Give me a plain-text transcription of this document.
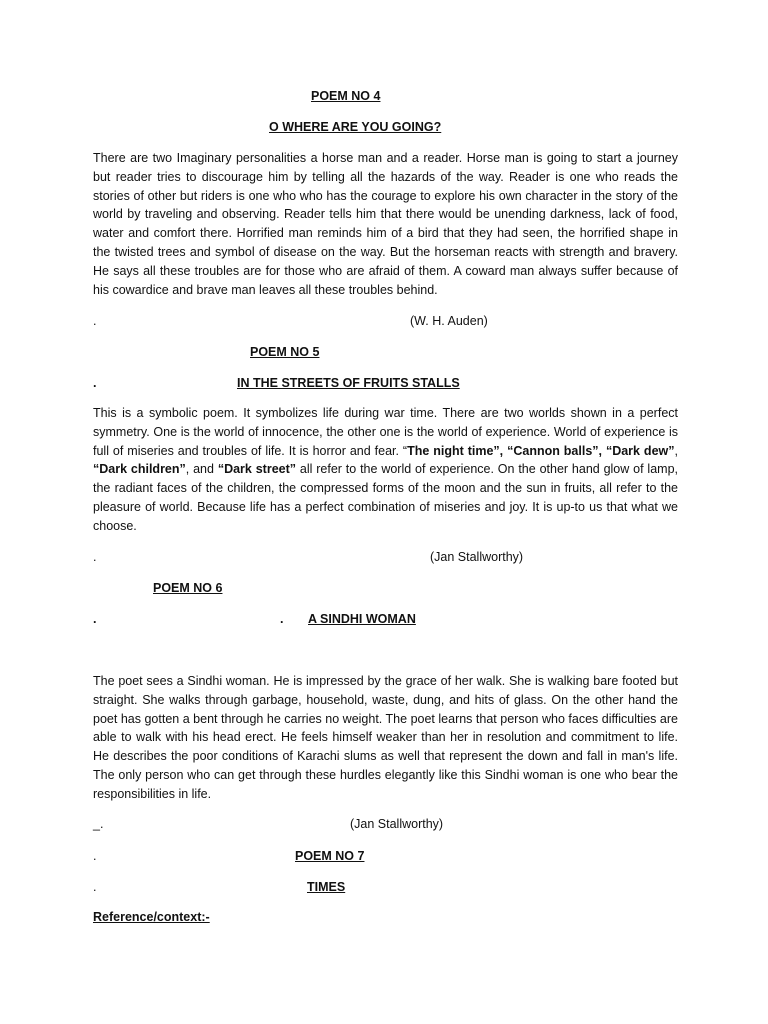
POEM NO 4
O WHERE ARE YOU GOING?

There are two Imaginary personalities a horse man and a reader. Horse man is going to start a journey but reader tries to discourage him by telling all the hazards of the way. Reader is one who reads the stories of other but riders is one who who has the courage to explore his own character in the story of the world by traveling and observing. Reader tells him that there would be unending darkness, lack of food, water and comfort there. Horrified man reminds him of a bird that they had seen, the horrified shape in the twisted trees and symbol of disease on the way. But the horseman reacts with strength and bravery. He says all these troubles are for those who are afraid of them. A coward man always suffer because of his cowardice and brave man leaves all these troubles behind.

.	(W. H. Auden)
POEM NO 5
.	IN THE STREETS OF FRUITS STALLS

This is a symbolic poem. It symbolizes life during war time. There are two worlds shown in a perfect symmetry. One is the world of innocence, the other one is the world of experience. World of experience is full of miseries and troubles of life. It is horror and fear. “The night time”, “Cannon balls”, “Dark dew”, “Dark children”, and “Dark street” all refer to the world of experience. On the other hand glow of lamp, the radiant faces of the children, the compressed forms of the moon and the sun in fruits, all refer to the pleasure of world. Because life has a perfect combination of miseries and joy. It is up-to us that what we choose.

.	(Jan Stallworthy)
POEM NO 6
.	.	A SINDHI WOMAN

The poet sees a Sindhi woman. He is impressed by the grace of her walk. She is walking bare footed but straight. She walks through garbage, household, waste, dung, and hits of glass. On the other hand the poet has gotten a bent through he carries no weight. The poet learns that person who faces difficulties are able to walk with his head erect. He feels himself weaker than her in resolution and commitment to life. He describes the poor conditions of Karachi slums as well that represent the down and fall in man's life. The only person who can get through these hurdles elegantly like this Sindhi woman is one who bear the responsibilities in life.

_.	(Jan Stallworthy)
.	POEM NO 7
.	TIMES
Reference/context:-
